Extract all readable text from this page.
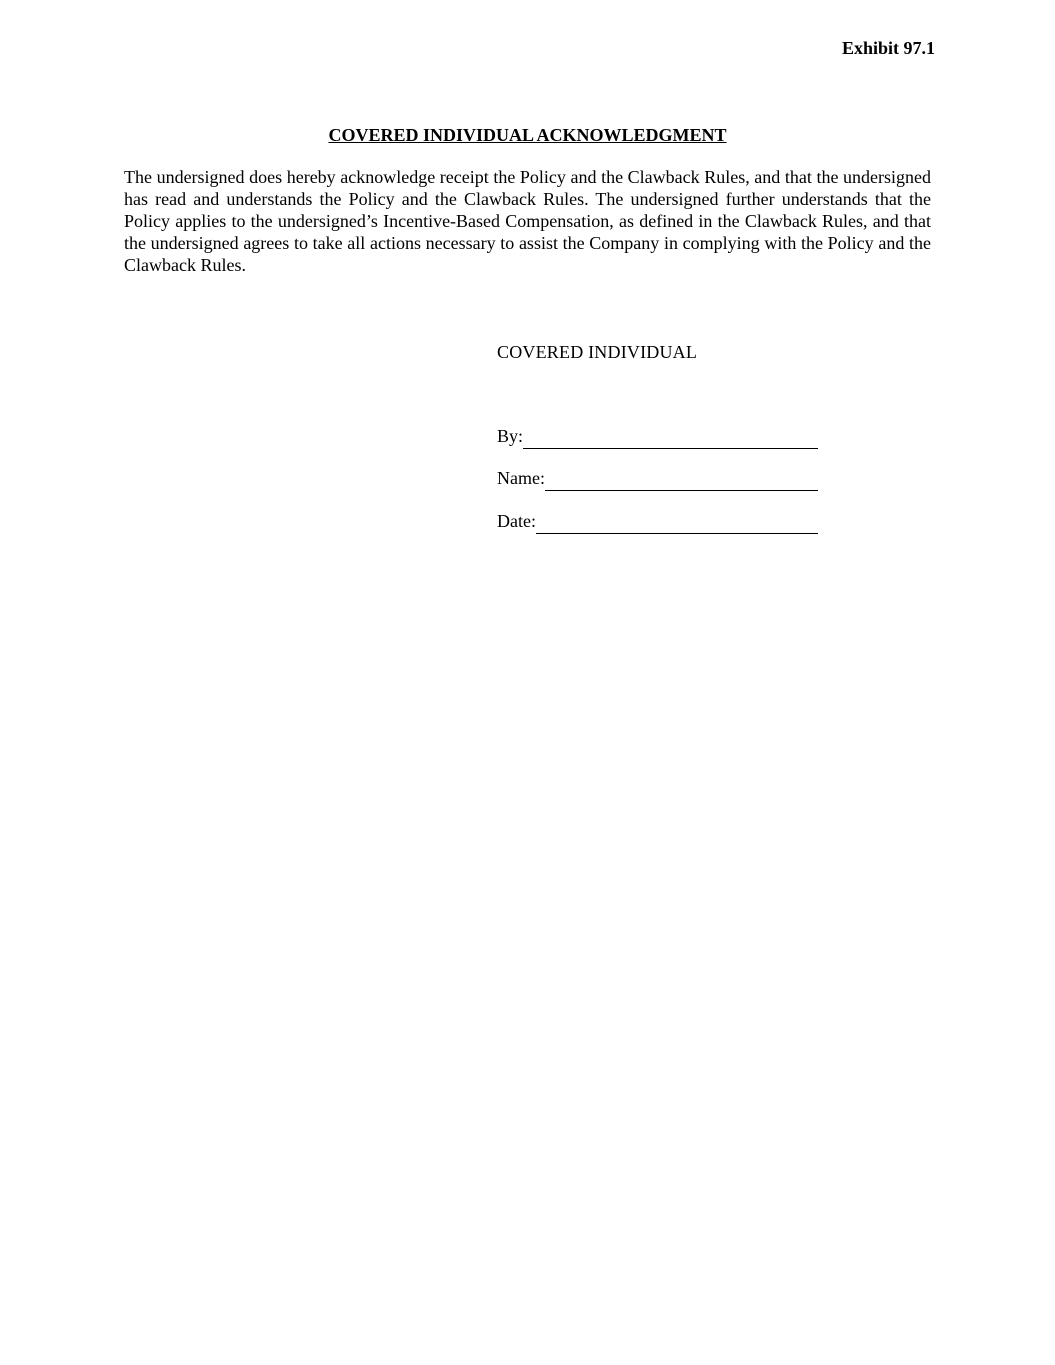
Exhibit 97.1
COVERED INDIVIDUAL ACKNOWLEDGMENT

The undersigned does hereby acknowledge receipt the Policy and the Clawback Rules, and that the undersigned has read and understands the Policy and the Clawback Rules. The undersigned further understands that the Policy applies to the undersigned’s Incentive-Based Compensation, as defined in the Clawback Rules, and that the undersigned agrees to take all actions necessary to assist the Company in complying with the Policy and the Clawback Rules.

COVERED INDIVIDUAL
By:
Name:
Date:
